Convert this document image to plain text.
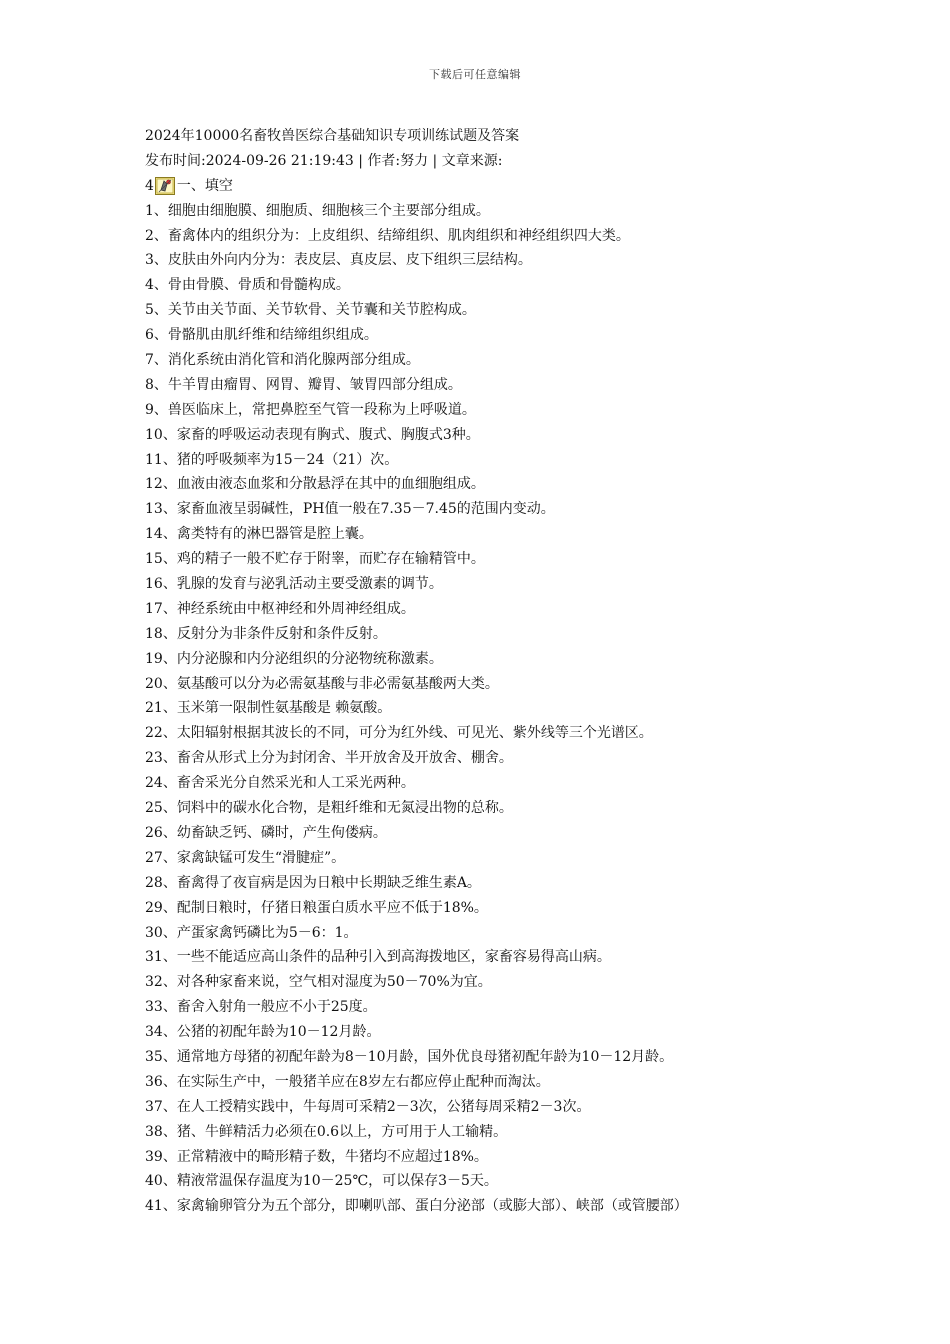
下载后可任意编辑
2024年10000名畜牧兽医综合基础知识专项训练试题及答案
发布时间:2024-09-26 21:19:43 | 作者:努力 | 文章来源:
4 一、填空
1、细胞由细胞膜、细胞质、细胞核三个主要部分组成。
2、畜禽体内的组织分为：上皮组织、结缔组织、肌肉组织和神经组织四大类。
3、皮肤由外向内分为：表皮层、真皮层、皮下组织三层结构。
4、骨由骨膜、骨质和骨髓构成。
5、关节由关节面、关节软骨、关节囊和关节腔构成。
6、骨骼肌由肌纤维和结缔组织组成。
7、消化系统由消化管和消化腺两部分组成。
8、牛羊胃由瘤胃、网胃、瓣胃、皱胃四部分组成。
9、兽医临床上，常把鼻腔至气管一段称为上呼吸道。
10、家畜的呼吸运动表现有胸式、腹式、胸腹式3种。
11、猪的呼吸频率为15－24（21）次。
12、血液由液态血浆和分散悬浮在其中的血细胞组成。
13、家畜血液呈弱碱性，PH值一般在7.35－7.45的范围内变动。
14、禽类特有的淋巴器管是腔上囊。
15、鸡的精子一般不贮存于附睾，而贮存在输精管中。
16、乳腺的发育与泌乳活动主要受激素的调节。
17、神经系统由中枢神经和外周神经组成。
18、反射分为非条件反射和条件反射。
19、内分泌腺和内分泌组织的分泌物统称激素。
20、氨基酸可以分为必需氨基酸与非必需氨基酸两大类。
21、玉米第一限制性氨基酸是 赖氨酸。
22、太阳辐射根据其波长的不同，可分为红外线、可见光、紫外线等三个光谱区。
23、畜舍从形式上分为封闭舍、半开放舍及开放舍、棚舍。
24、畜舍采光分自然采光和人工采光两种。
25、饲料中的碳水化合物，是粗纤维和无氮浸出物的总称。
26、幼畜缺乏钙、磷时，产生佝偻病。
27、家禽缺锰可发生“滑腱症”。
28、畜禽得了夜盲病是因为日粮中长期缺乏维生素A。
29、配制日粮时，仔猪日粮蛋白质水平应不低于18%。
30、产蛋家禽钙磷比为5－6：1。
31、一些不能适应高山条件的品种引入到高海拨地区，家畜容易得高山病。
32、对各种家畜来说，空气相对湿度为50－70%为宜。
33、畜舍入射角一般应不小于25度。
34、公猪的初配年龄为10－12月龄。
35、通常地方母猪的初配年龄为8－10月龄，国外优良母猪初配年龄为10－12月龄。
36、在实际生产中，一般猪羊应在8岁左右都应停止配种而淘汰。
37、在人工授精实践中，牛每周可采精2－3次，公猪每周采精2－3次。
38、猪、牛鲜精活力必须在0.6以上，方可用于人工输精。
39、正常精液中的畸形精子数，牛猪均不应超过18%。
40、精液常温保存温度为10－25℃，可以保存3－5天。
41、家禽输卵管分为五个部分，即喇叭部、蛋白分泌部（或膨大部）、峡部（或管腰部）
